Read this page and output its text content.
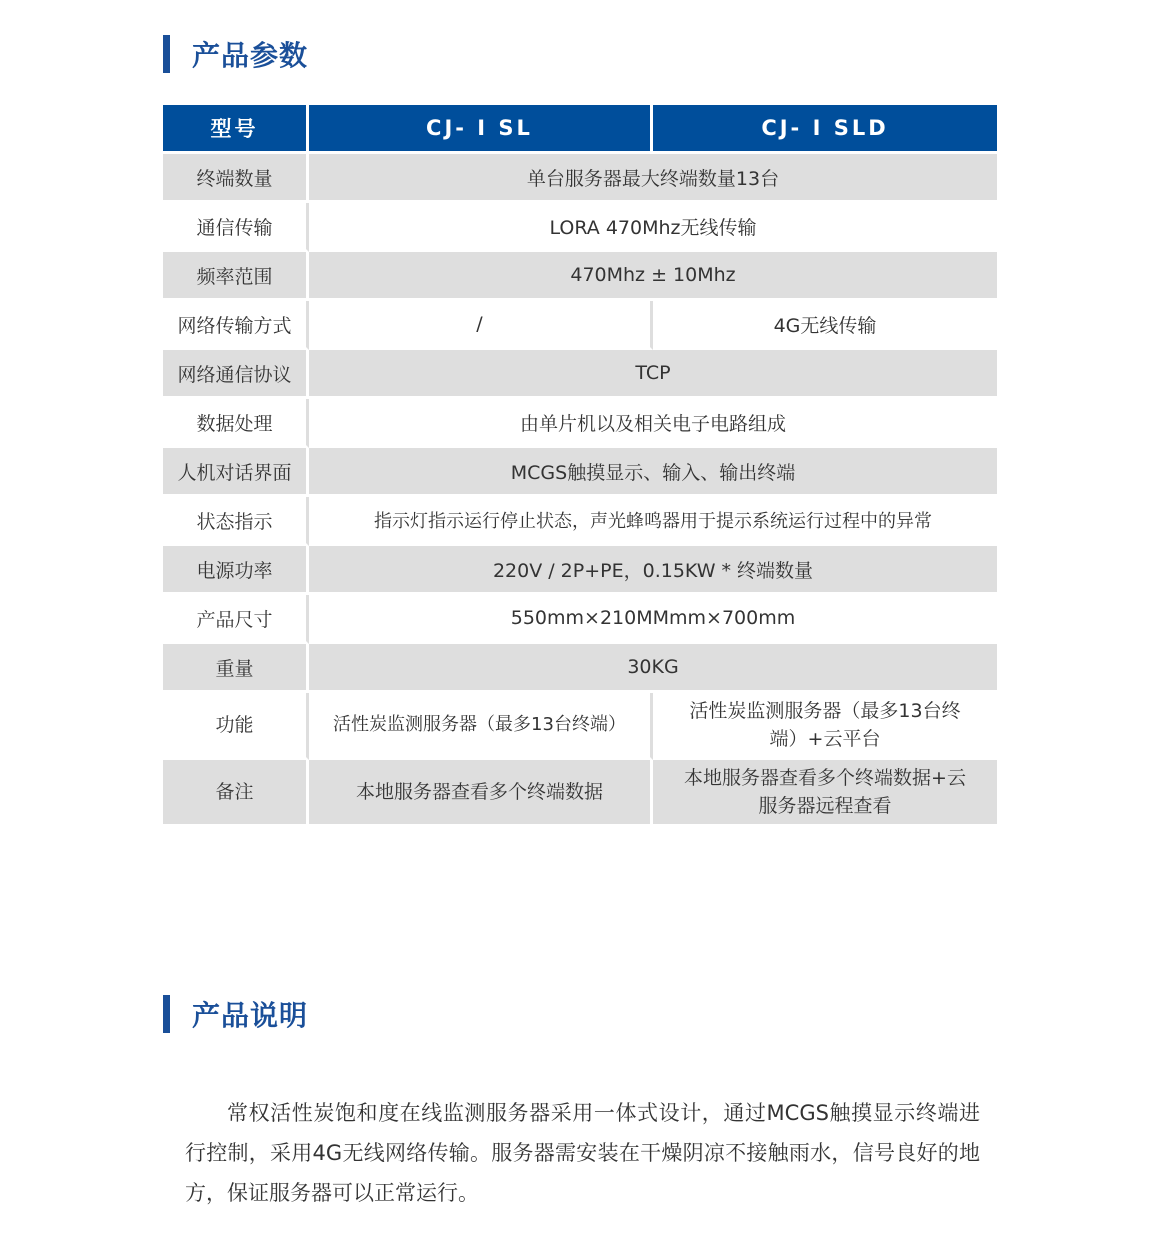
产品参数
型号	CJ- I SL	CJ- I SLD
终端数量	单台服务器最大终端数量13台	
通信传输	LORA 470Mhz无线传输	
频率范围	470Mhz ± 10Mhz	
网络传输方式	/	4G无线传输
网络通信协议	TCP	
数据处理	由单片机以及相关电子电路组成	
人机对话界面	MCGS触摸显示、输入、输出终端	
状态指示	指示灯指示运行停止状态，声光蜂鸣器用于提示系统运行过程中的异常	
电源功率	220V / 2P+PE，0.15KW * 终端数量	
产品尺寸	550mm×210MMmm×700mm	
重量	30KG	
功能	活性炭监测服务器（最多13台终端）	活性炭监测服务器（最多13台终端）+云平台
备注	本地服务器查看多个终端数据	本地服务器查看多个终端数据+云服务器远程查看
产品说明

常权活性炭饱和度在线监测服务器采用一体式设计，通过MCGS触摸显示终端进行控制，采用4G无线网络传输。服务器需安装在干燥阴凉不接触雨水，信号良好的地方，保证服务器可以正常运行。
